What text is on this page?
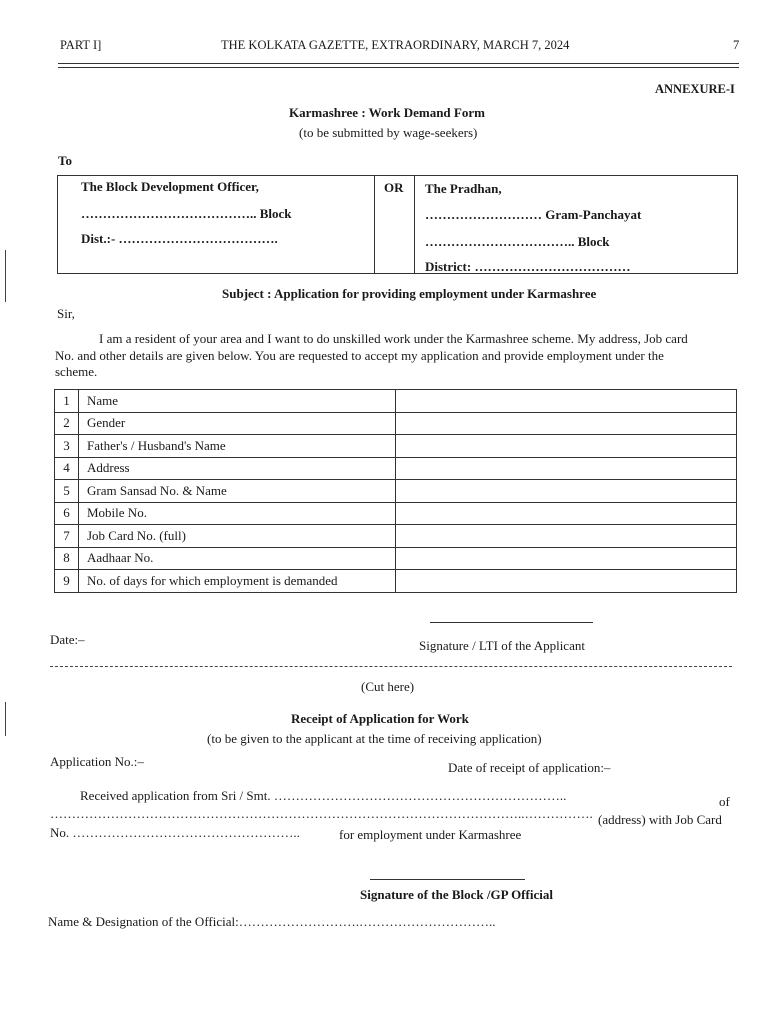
PART I]	THE KOLKATA GAZETTE, EXTRAORDINARY, MARCH 7, 2024	7
ANNEXURE-I
Karmashree : Work Demand Form
(to be submitted by wage-seekers)
To
The Block Development Officer,
………………………………….. Block
Dist.:- ……………………………….
OR The Pradhan,
……………………… Gram-Panchayat
…………………………….. Block
District: ………………………………
Subject : Application for providing employment under Karmashree
Sir,
I am a resident of your area and I want to do unskilled work under the Karmashree scheme. My address, Job card
No. and other details are given below. You are requested to accept my application and provide employment under the
scheme.
1	Name	
2	Gender	
3	Father's / Husband's Name	
4	Address	
5	Gram Sansad No. & Name	
6	Mobile No.	
7	Job Card No. (full)	
8	Aadhaar No.	
9	No. of days for which employment is demanded	
Date:–	Signature / LTI of the Applicant
(Cut here)
Receipt of Application for Work
(to be given to the applicant at the time of receiving application)
Application No.:–	Date of receipt of application:–
Received application from Sri / Smt. …………………………………………………………..	of
………………………………………………………………………………………………..……………. (address) with Job Card
No. ……………………………………………..	for employment under Karmashree
Signature of the Block /GP Official
Name & Designation of the Official:……………………….…………………………..
